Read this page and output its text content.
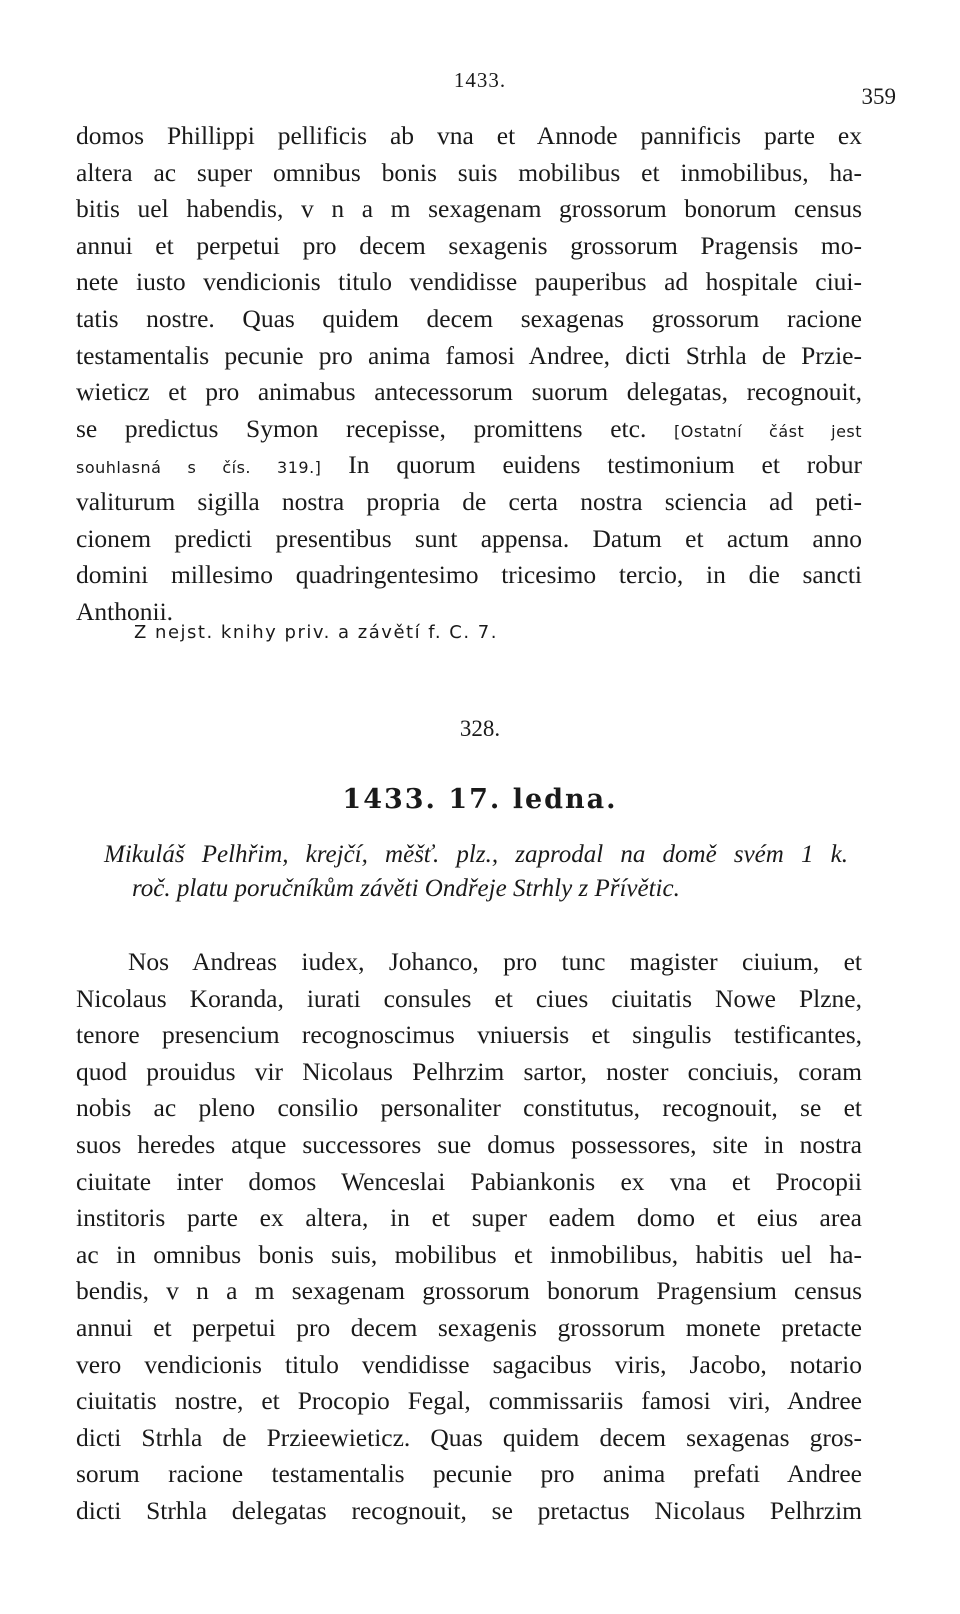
1433.
359
domos Phillippi pellificis ab vna et Annode pannificis parte ex
altera ac super omnibus bonis suis mobilibus et inmobilibus, ha-
bitis uel habendis, v n a m sexagenam grossorum bonorum census
annui et perpetui pro decem sexagenis grossorum Pragensis mo-
nete iusto vendicionis titulo vendidisse pauperibus ad hospitale ciui-
tatis nostre. Quas quidem decem sexagenas grossorum racione
testamentalis pecunie pro anima famosi Andree, dicti Strhla de Przie-
wieticz et pro animabus antecessorum suorum delegatas, recognouit,
se predictus Symon recepisse, promittens etc. [Ostatní část jest
souhlasná s čís. 319.] In quorum euidens testimonium et robur
valiturum sigilla nostra propria de certa nostra sciencia ad peti-
cionem predicti presentibus sunt appensa. Datum et actum anno
domini millesimo quadringentesimo tricesimo tercio, in die sancti
Anthonii.
Z nejst. knihy priv. a závětí f. C. 7.
328.
1433. 17. ledna.
Mikuláš Pelhřim, krejčí, měšť. plz., zaprodal na domě svém 1 k.
roč. platu poručníkům závěti Ondřeje Strhly z Přívětic.
Nos Andreas iudex, Johanco, pro tunc magister ciuium, et
Nicolaus Koranda, iurati consules et ciues ciuitatis Nowe Plzne,
tenore presencium recognoscimus vniuersis et singulis testificantes,
quod prouidus vir Nicolaus Pelhrzim sartor, noster conciuis, coram
nobis ac pleno consilio personaliter constitutus, recognouit, se et
suos heredes atque successores sue domus possessores, site in nostra
ciuitate inter domos Wenceslai Pabiankonis ex vna et Procopii
institoris parte ex altera, in et super eadem domo et eius area
ac in omnibus bonis suis, mobilibus et inmobilibus, habitis uel ha-
bendis, v n a m sexagenam grossorum bonorum Pragensium census
annui et perpetui pro decem sexagenis grossorum monete pretacte
vero vendicionis titulo vendidisse sagacibus viris, Jacobo, notario
ciuitatis nostre, et Procopio Fegal, commissariis famosi viri, Andree
dicti Strhla de Przieewieticz. Quas quidem decem sexagenas gros-
sorum racione testamentalis pecunie pro anima prefati Andree
dicti Strhla delegatas recognouit, se pretactus Nicolaus Pelhrzim
